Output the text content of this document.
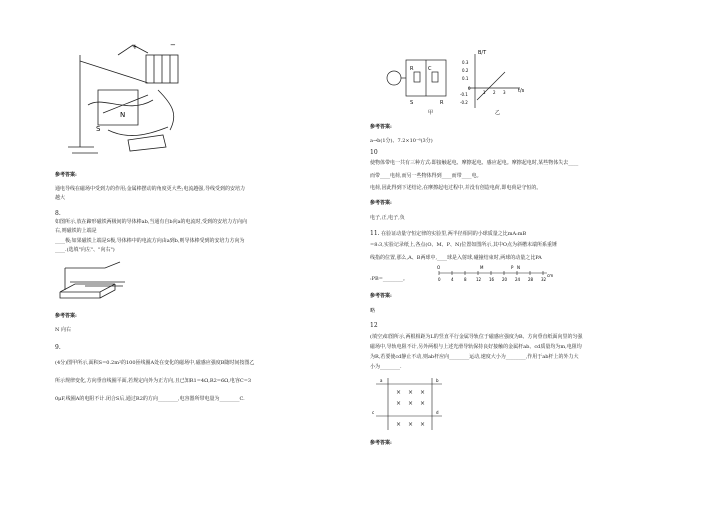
+	−
N
S
参考答案:
通电导线在磁场中受到力的作用;金属棒摆动的角度更大些;电流越强,导线受到的安培力
越大
8.
如图所示,放在蹄形磁铁两极间的导体棒ab,当通有自b向a的电流时,受到的安培力方向向
右,则磁铁的上端是
____极;如果磁铁上端是S极,导体棒中的电流方向由a到b,则导体棒受到的安培力方向为
____.(选填"向左"、"向右")
参考答案:
N 向右
9.
(4分)图甲所示,面积S=0.2m²的100匝线圈A处在变化的磁场中,磁感应强度B随时间按图乙
所示规律变化,方向垂直线圈平面,若规定向外为正方向,且已知R1=4Ω,R2=6Ω,电容C=3
0μF,线圈A的电阻不计.闭合S后,通过R2的方向________,电容器所带电量为________C.
R	C
S	R
甲	乙
B/T
t/s
0.3
0.2
0.1
0
-0.1
-0.2
1 2 3
参考答案:
a→b(1分)、7.2×10⁻⁶(3分)
10
使物体带电一共有三种方式:即接触起电、摩擦起电、感应起电。摩擦起电时,某些物体失去____
而带____电荷,而另一些物体得到____而带____电。
电荷,因此得到下述结论,在摩擦起电过程中,并没有创造电荷,即电荷是守恒的。
参考答案:
电子,正,电子,负
11. 在验证动量守恒定律的实验里,两半径相同的小球质量之比mA:mB
=8:3,实验记录纸上,各点(O、M、P、N)位置如图所示,其中O点为斜槽末端所系重锤
线指的位置,那么,A、B两球中,____球是入射球,碰撞结束时,两球的动量之比PA
:PB=________。
O	M	P N
0	4	8 12 16 20 24 28 32
cm
参考答案:
略
12
(填空)如图所示,两根相距为L的竖直平行金属导轨位于磁感应强度为B、方向垂直纸面向里的匀强
磁场中,导轨电阻不计,另外两根与上述光滑导轨保持良好接触的金属杆ab、cd质量均为m,电阻均
为R,若要使cd静止不动,则ab杆应向________运动,速度大小为________,作用于ab杆上的外力大
小为________.
× × ×
× × ×
× × ×
a	b
c	d
参考答案:
